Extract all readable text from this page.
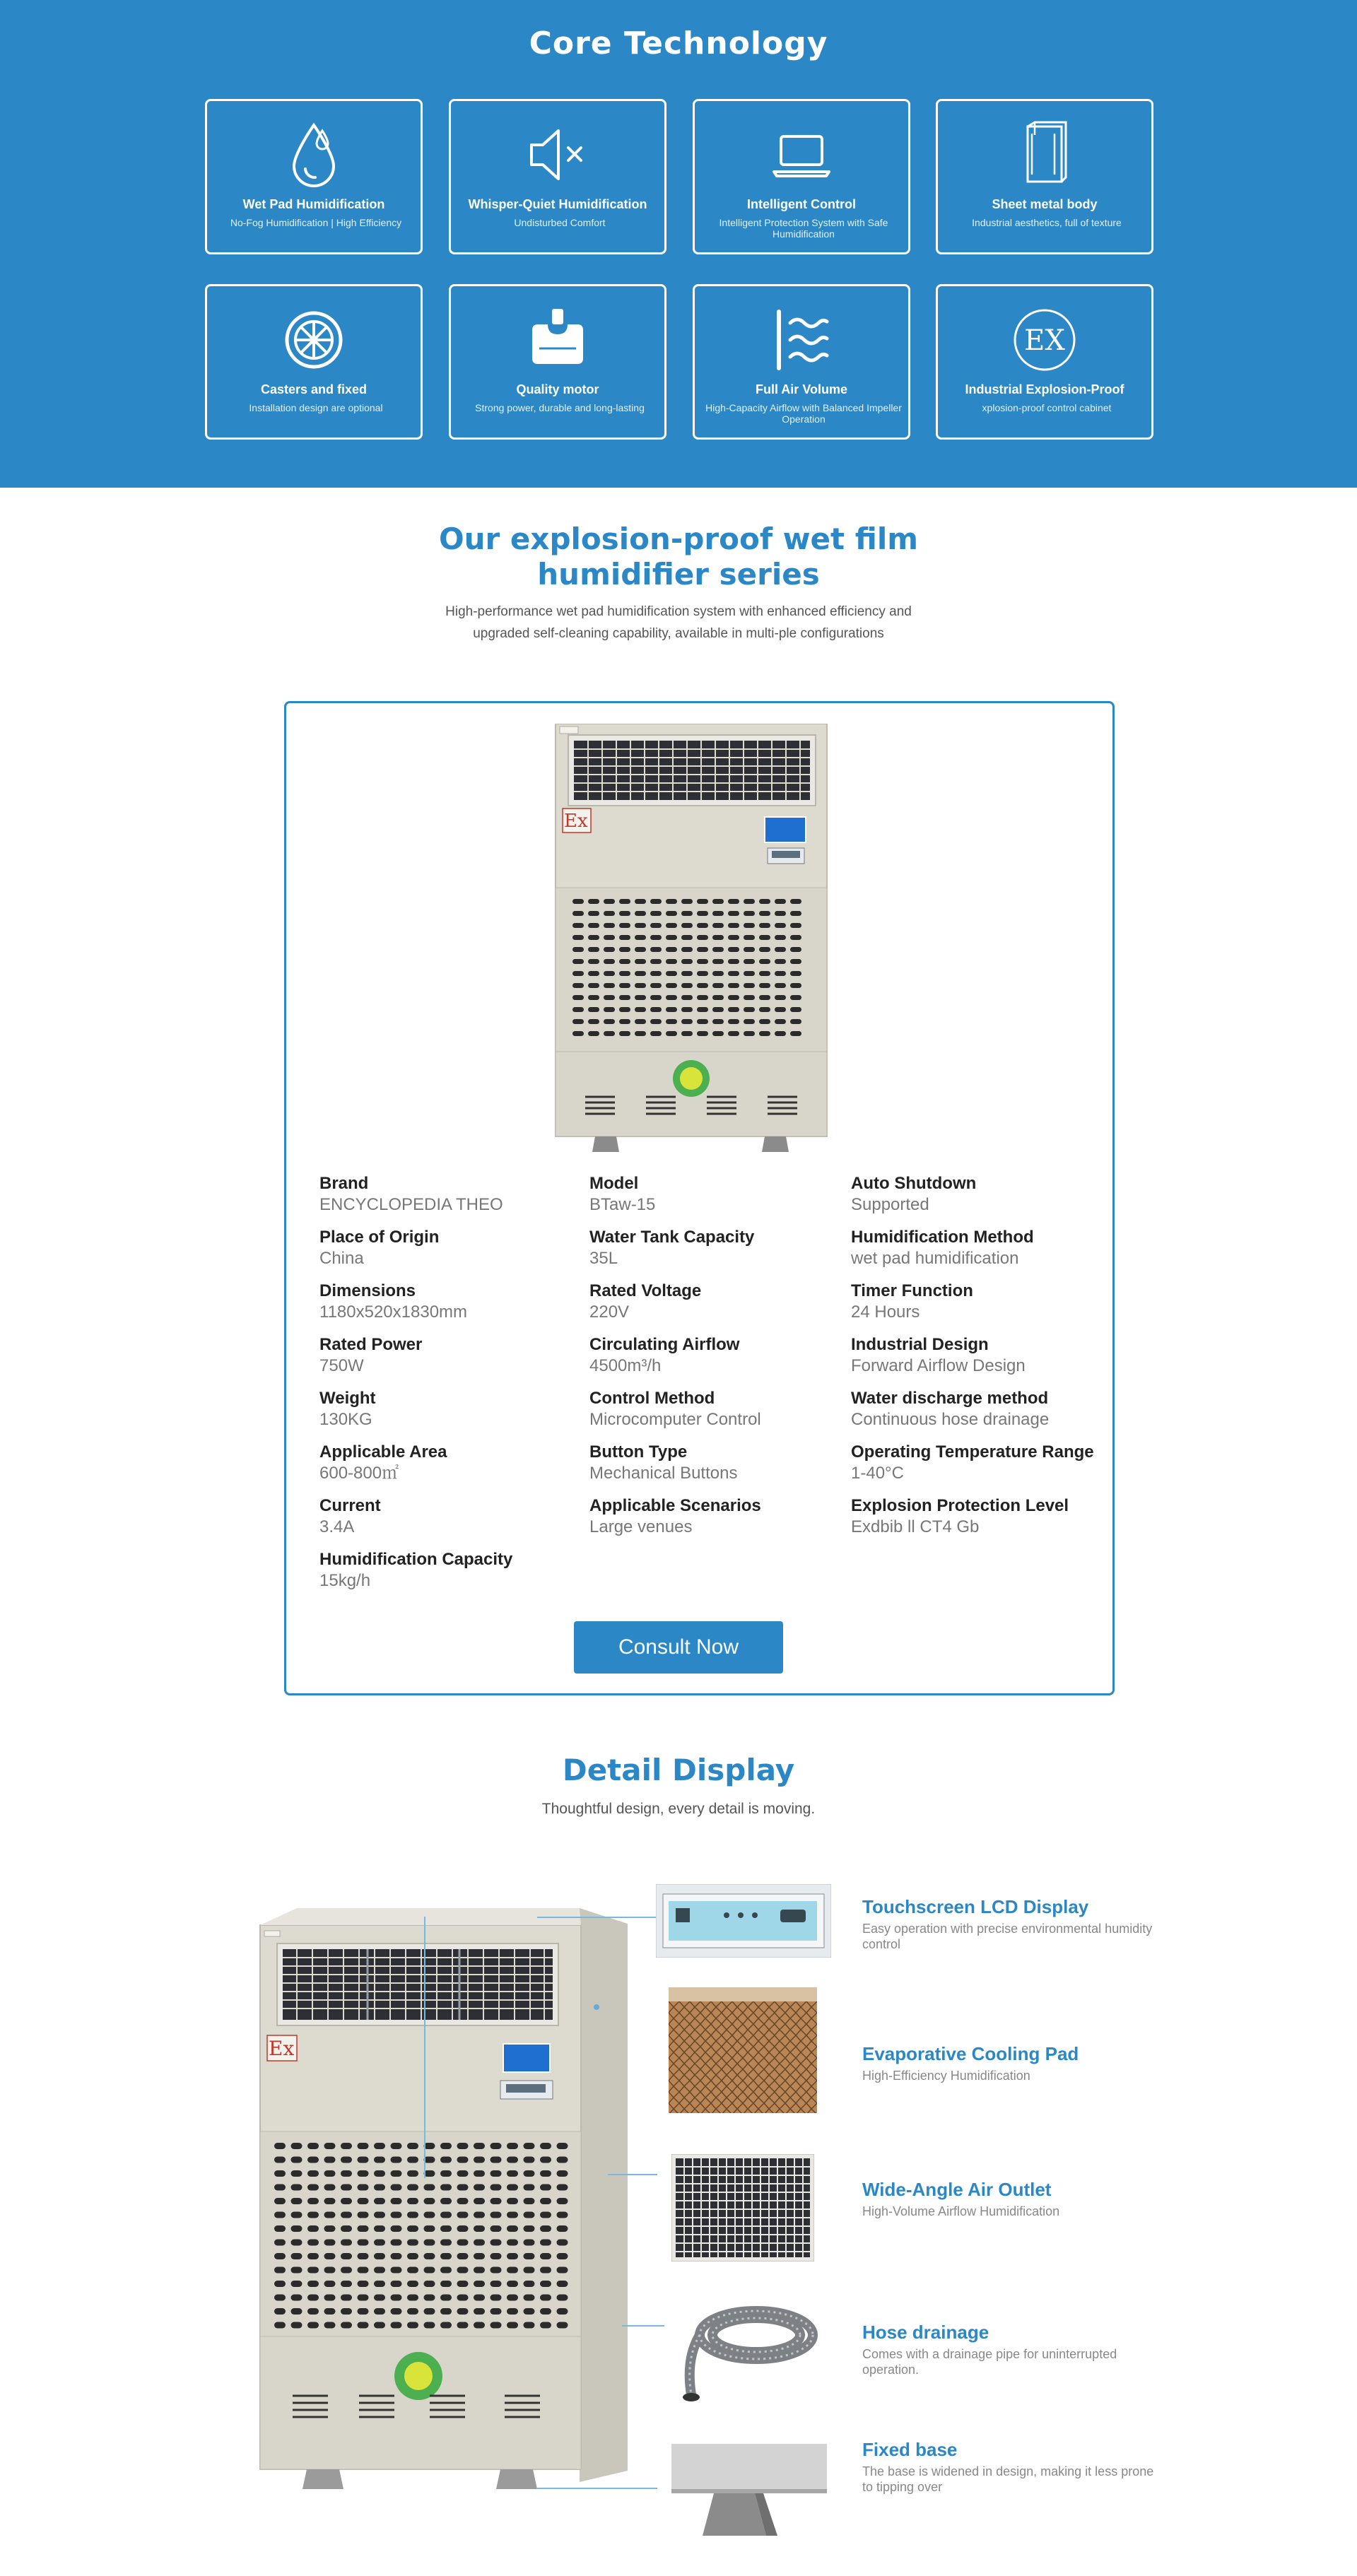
Core Technology
Wet Pad Humidification
No-Fog Humidification | High Efficiency
Whisper-Quiet Humidification
Undisturbed Comfort
Intelligent Control
Intelligent Protection System with Safe Humidification
Sheet metal body
Industrial aesthetics, full of texture
Casters and fixed
Installation design are optional
Quality motor
Strong power, durable and long-lasting
Full Air Volume
High-Capacity Airflow with Balanced Impeller Operation
EX
Industrial Explosion-Proof
xplosion-proof control cabinet
Our explosion-proof wet film humidifier series

High-performance wet pad humidification system with enhanced efficiency and upgraded self-cleaning capability, available in multi-ple configurations

Ex
Brand
ENCYCLOPEDIA THEO
Place of Origin
China
Dimensions
1180x520x1830mm
Rated Power
750W
Weight
130KG
Applicable Area
600-800㎡
Current
3.4A
Humidification Capacity
15kg/h
Model
BTaw-15
Water Tank Capacity
35L
Rated Voltage
220V
Circulating Airflow
4500m³/h
Control Method
Microcomputer Control
Button Type
Mechanical Buttons
Applicable Scenarios
Large venues
Auto Shutdown
Supported
Humidification Method
wet pad humidification
Timer Function
24 Hours
Industrial Design
Forward Airflow Design
Water discharge method
Continuous hose drainage
Operating Temperature Range
1-40°C
Explosion Protection Level
Exdbib ll CT4 Gb
Consult Now
Detail Display

Thoughtful design, every detail is moving.

Ex
Touchscreen LCD Display
Easy operation with precise environmental humidity control
Evaporative Cooling Pad
High-Efficiency Humidification
Wide-Angle Air Outlet
High-Volume Airflow Humidification
Hose drainage
Comes with a drainage pipe for uninterrupted operation.
Fixed base
The base is widened in design, making it less prone to tipping over
